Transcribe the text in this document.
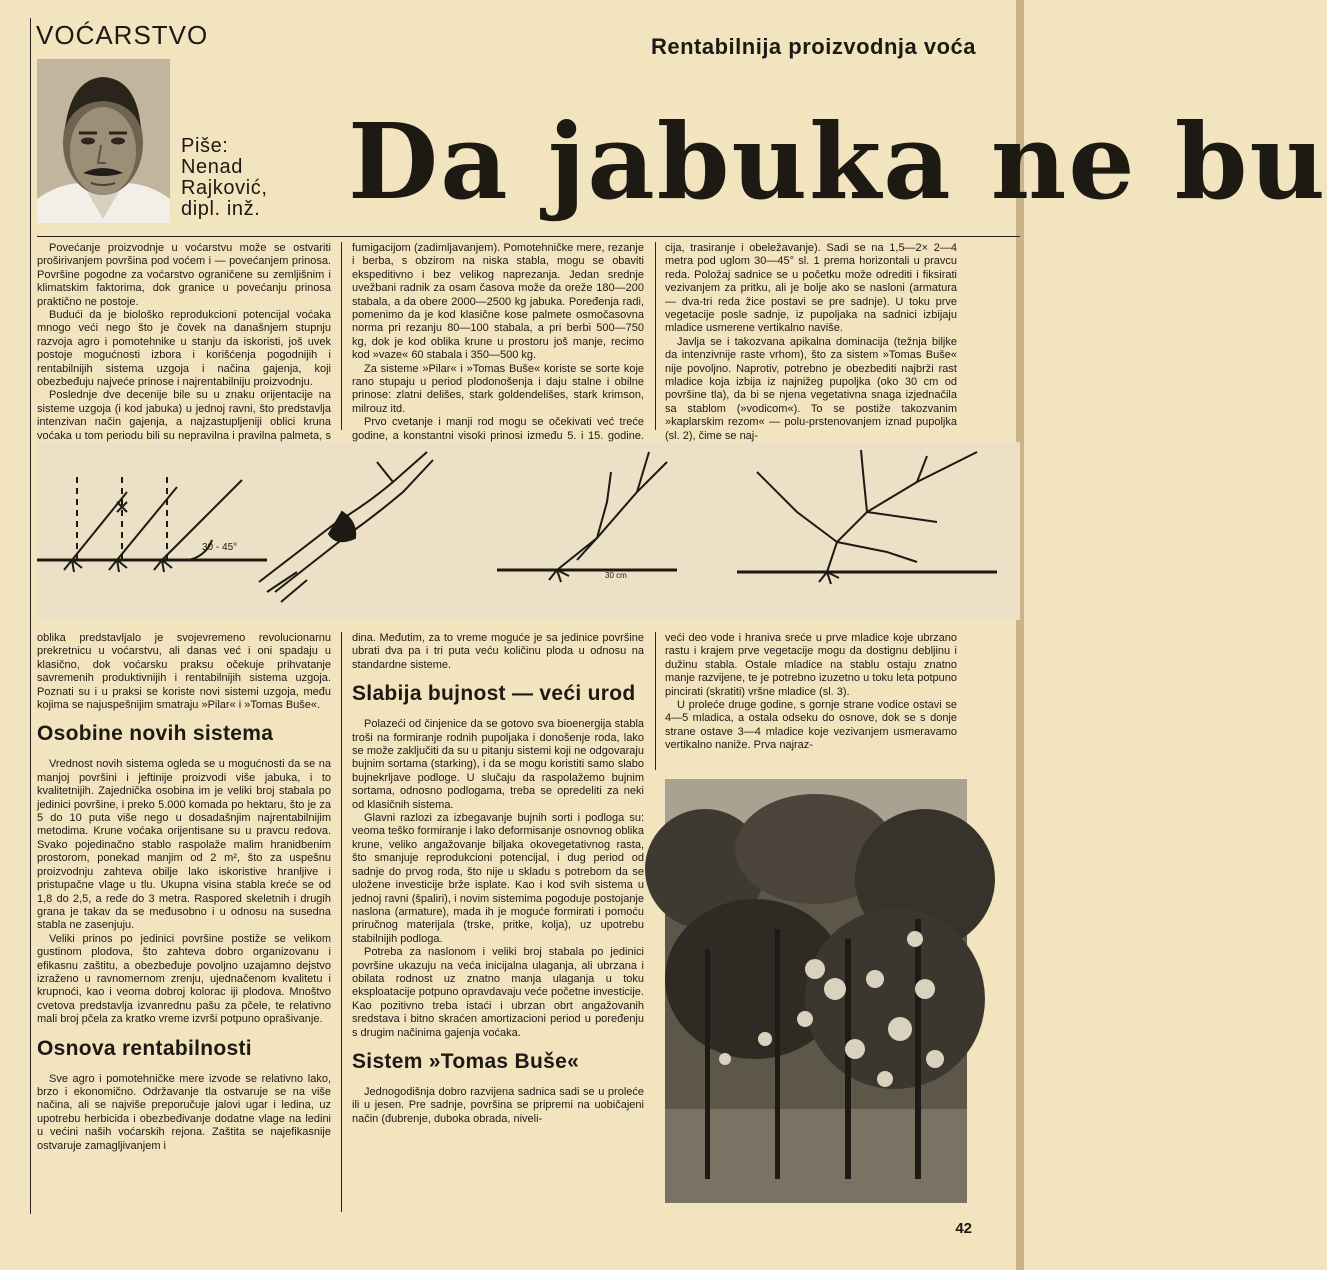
VOĆARSTVO	Rentabilnija proizvodnja voća
Piše:
Nenad
Rajković,
dipl. inž. Da jabuka ne bu

Povećanje proizvodnje u voćarstvu može se ostvariti proširivanjem površina pod voćem i — povećanjem prinosa. Površine pogodne za voćarstvo ograničene su zemljišnim i klimatskim faktorima, dok granice u povećanju prinosa praktično ne postoje.

Budući da je biološko reprodukcioni potencijal voćaka mnogo veći nego što je čovek na današnjem stupnju razvoja agro i pomotehnike u stanju da iskoristi, još uvek postoje mogućnosti izbora i korišćenja pogodnijih i rentabilnijih sistema uzgoja i načina gajenja, koji obezbeđuju najveće prinose i najrentabilniju proizvodnju.

Poslednje dve decenije bile su u znaku orijentacije na sisteme uzgoja (i kod jabuka) u jednoj ravni, što predstavlja intenzivan način gajenja, a najzastupljeniji oblici kruna voćaka u tom periodu bili su nepravilna i pravilna palmeta, s

fumigacijom (zadimljavanjem). Pomotehničke mere, rezanje i berba, s obzirom na niska stabla, mogu se obaviti ekspeditivno i bez velikog naprezanja. Jedan srednje uvežbani radnik za osam časova može da oreže 180—200 stabala, a da obere 2000—2500 kg jabuka. Poređenja radi, pomenimo da je kod klasične kose palmete osmočasovna norma pri rezanju 80—100 stabala, a pri berbi 500—750 kg, dok je kod oblika krune u prostoru još manje, recimo kod »vaze« 60 stabala i 350—500 kg.

Za sisteme »Pilar« i »Tomas Buše« koriste se sorte koje rano stupaju u period plodonošenja i daju stalne i obilne prinose: zlatni delišes, stark goldendelišes, stark krimson, milrouz itd.

Prvo cvetanje i manji rod mogu se očekivati već treće godine, a konstantni visoki prinosi između 5. i 15. godine.

cija, trasiranje i obeležavanje). Sadi se na 1,5—2× 2—4 metra pod uglom 30—45° sl. 1 prema horizontali u pravcu reda. Položaj sadnice se u početku može odrediti i fiksirati vezivanjem za pritku, ali je bolje ako se nasloni (armatura — dva-tri reda žice postavi se pre sadnje). U toku prve vegetacije posle sadnje, iz pupoljaka na sadnici izbijaju mladice usmerene vertikalno naviše.

Javlja se i takozvana apikalna dominacija (težnja biljke da intenzivnije raste vrhom), što za sistem »Tomas Buše« nije povoljno. Naprotiv, potrebno je obezbediti najbrži rast mladice koja izbija iz najnižeg pupoljka (oko 30 cm od površine tla), da bi se njena vegetativna snaga izjednačila sa stablom (»vodicom«). To se postiže takozvanim »kaplarskim rezom« — polu-prstenovanjem iznad pupoljka (sl. 2), čime se naj-

30 - 45°
30 cm

oblika predstavljalo je svojevremeno revolucionarnu prekretnicu u voćarstvu, ali danas već i oni spadaju u klasično, dok voćarsku praksu očekuje prihvatanje savremenih produktivnijih i rentabilnijih sistema uzgoja. Poznati su i u praksi se koriste novi sistemi uzgoja, među kojima se najuspešnijim smatraju »Pilar« i »Tomas Buše«.

Osobine novih sistema

Vrednost novih sistema ogleda se u mogućnosti da se na manjoj površini i jeftinije proizvodi više jabuka, i to kvalitetnijih. Zajednička osobina im je veliki broj stabala po jedinici površine, i preko 5.000 komada po hektaru, što je za 5 do 10 puta više nego u dosadašnjim najrentabilnijim metodima. Krune voćaka orijentisane su u pravcu redova. Svako pojedinačno stablo raspolaže malim hranidbenim prostorom, ponekad manjim od 2 m², što za uspešnu proizvodnju zahteva obilje lako iskoristive hranljive i pristupačne vlage u tlu. Ukupna visina stabla kreće se od 1,8 do 2,5, a ređe do 3 metra. Raspored skeletnih i drugih grana je takav da se međusobno i u odnosu na susedna stabla ne zasenjuju.

Veliki prinos po jedinici površine postiže se velikom gustinom plodova, što zahteva dobro organizovanu i efikasnu zaštitu, a obezbeđuje povoljno uzajamno dejstvo izraženo u ravnomernom zrenju, ujednačenom kvalitetu i krupnoći, kao i veoma dobroj kolorac iji plodova. Mnoštvo cvetova predstavlja izvanrednu pašu za pčele, te relativno mali broj pčela za kratko vreme izvrši potpuno oprašivanje.

Osnova rentabilnosti

Sve agro i pomotehničke mere izvode se relativno lako, brzo i ekonomično. Održavanje tla ostvaruje se na više načina, ali se najviše preporučuje jalovi ugar i ledina, uz upotrebu herbicida i obezbeđivanje dodatne vlage na ledini u većini naših voćarskih rejona. Zaštita se najefikasnije ostvaruje zamagljivanjem i

dina. Međutim, za to vreme moguće je sa jedinice površine ubrati dva pa i tri puta veću količinu ploda u odnosu na standardne sisteme.

Slabija bujnost — veći urod

Polazeći od činjenice da se gotovo sva bioenergija stabla troši na formiranje rodnih pupoljaka i donošenje roda, lako se može zaključiti da su u pitanju sistemi koji ne odgovaraju bujnim sortama (starking), i da se mogu koristiti samo slabo bujnekrljave podloge. U slučaju da raspolažemo bujnim sortama, odnosno podlogama, treba se opredeliti za neki od klasičnih sistema.

Glavni razlozi za izbegavanje bujnih sorti i podloga su: veoma teško formiranje i lako deformisanje osnovnog oblika krune, veliko angažovanje biljaka okovegetativnog rasta, što smanjuje reprodukcioni potencijal, i dug period od sadnje do prvog roda, što nije u skladu s potrebom da se uložene investicije brže isplate. Kao i kod svih sistema u jednoj ravni (špaliri), i novim sistemima pogoduje postojanje naslona (armature), mada ih je moguće formirati i pomoću priručnog materijala (trske, pritke, kolja), uz upotrebu stabilnijih podloga.

Potreba za naslonom i veliki broj stabala po jedinici površine ukazuju na veća inicijalna ulaganja, ali ubrzana i obilata rodnost uz znatno manja ulaganja u toku eksploatacije potpuno opravdavaju veće početne investicije. Kao pozitivno treba istaći i ubrzan obrt angažovanih sredstava i bitno skraćen amortizacioni period u poređenju s drugim načinima gajenja voćaka.

Sistem »Tomas Buše«

Jednogodišnja dobro razvijena sadnica sadi se u proleće ili u jesen. Pre sadnje, površina se pripremi na uobičajeni način (đubrenje, duboka obrada, niveli-

veći deo vode i hraniva sreće u prve mladice koje ubrzano rastu i krajem prve vegetacije mogu da dostignu debljinu i dužinu stabla. Ostale mladice na stablu ostaju znatno manje razvijene, te je potrebno izuzetno u toku leta potpuno pincirati (skratiti) vršne mladice (sl. 3).

U proleće druge godine, s gornje strane vodice ostavi se 4—5 mladica, a ostala odseku do osnove, dok se s donje strane ostave 3—4 mladice koje vezivanjem usmeravamo vertikalno naniže. Prva najraz-

42
